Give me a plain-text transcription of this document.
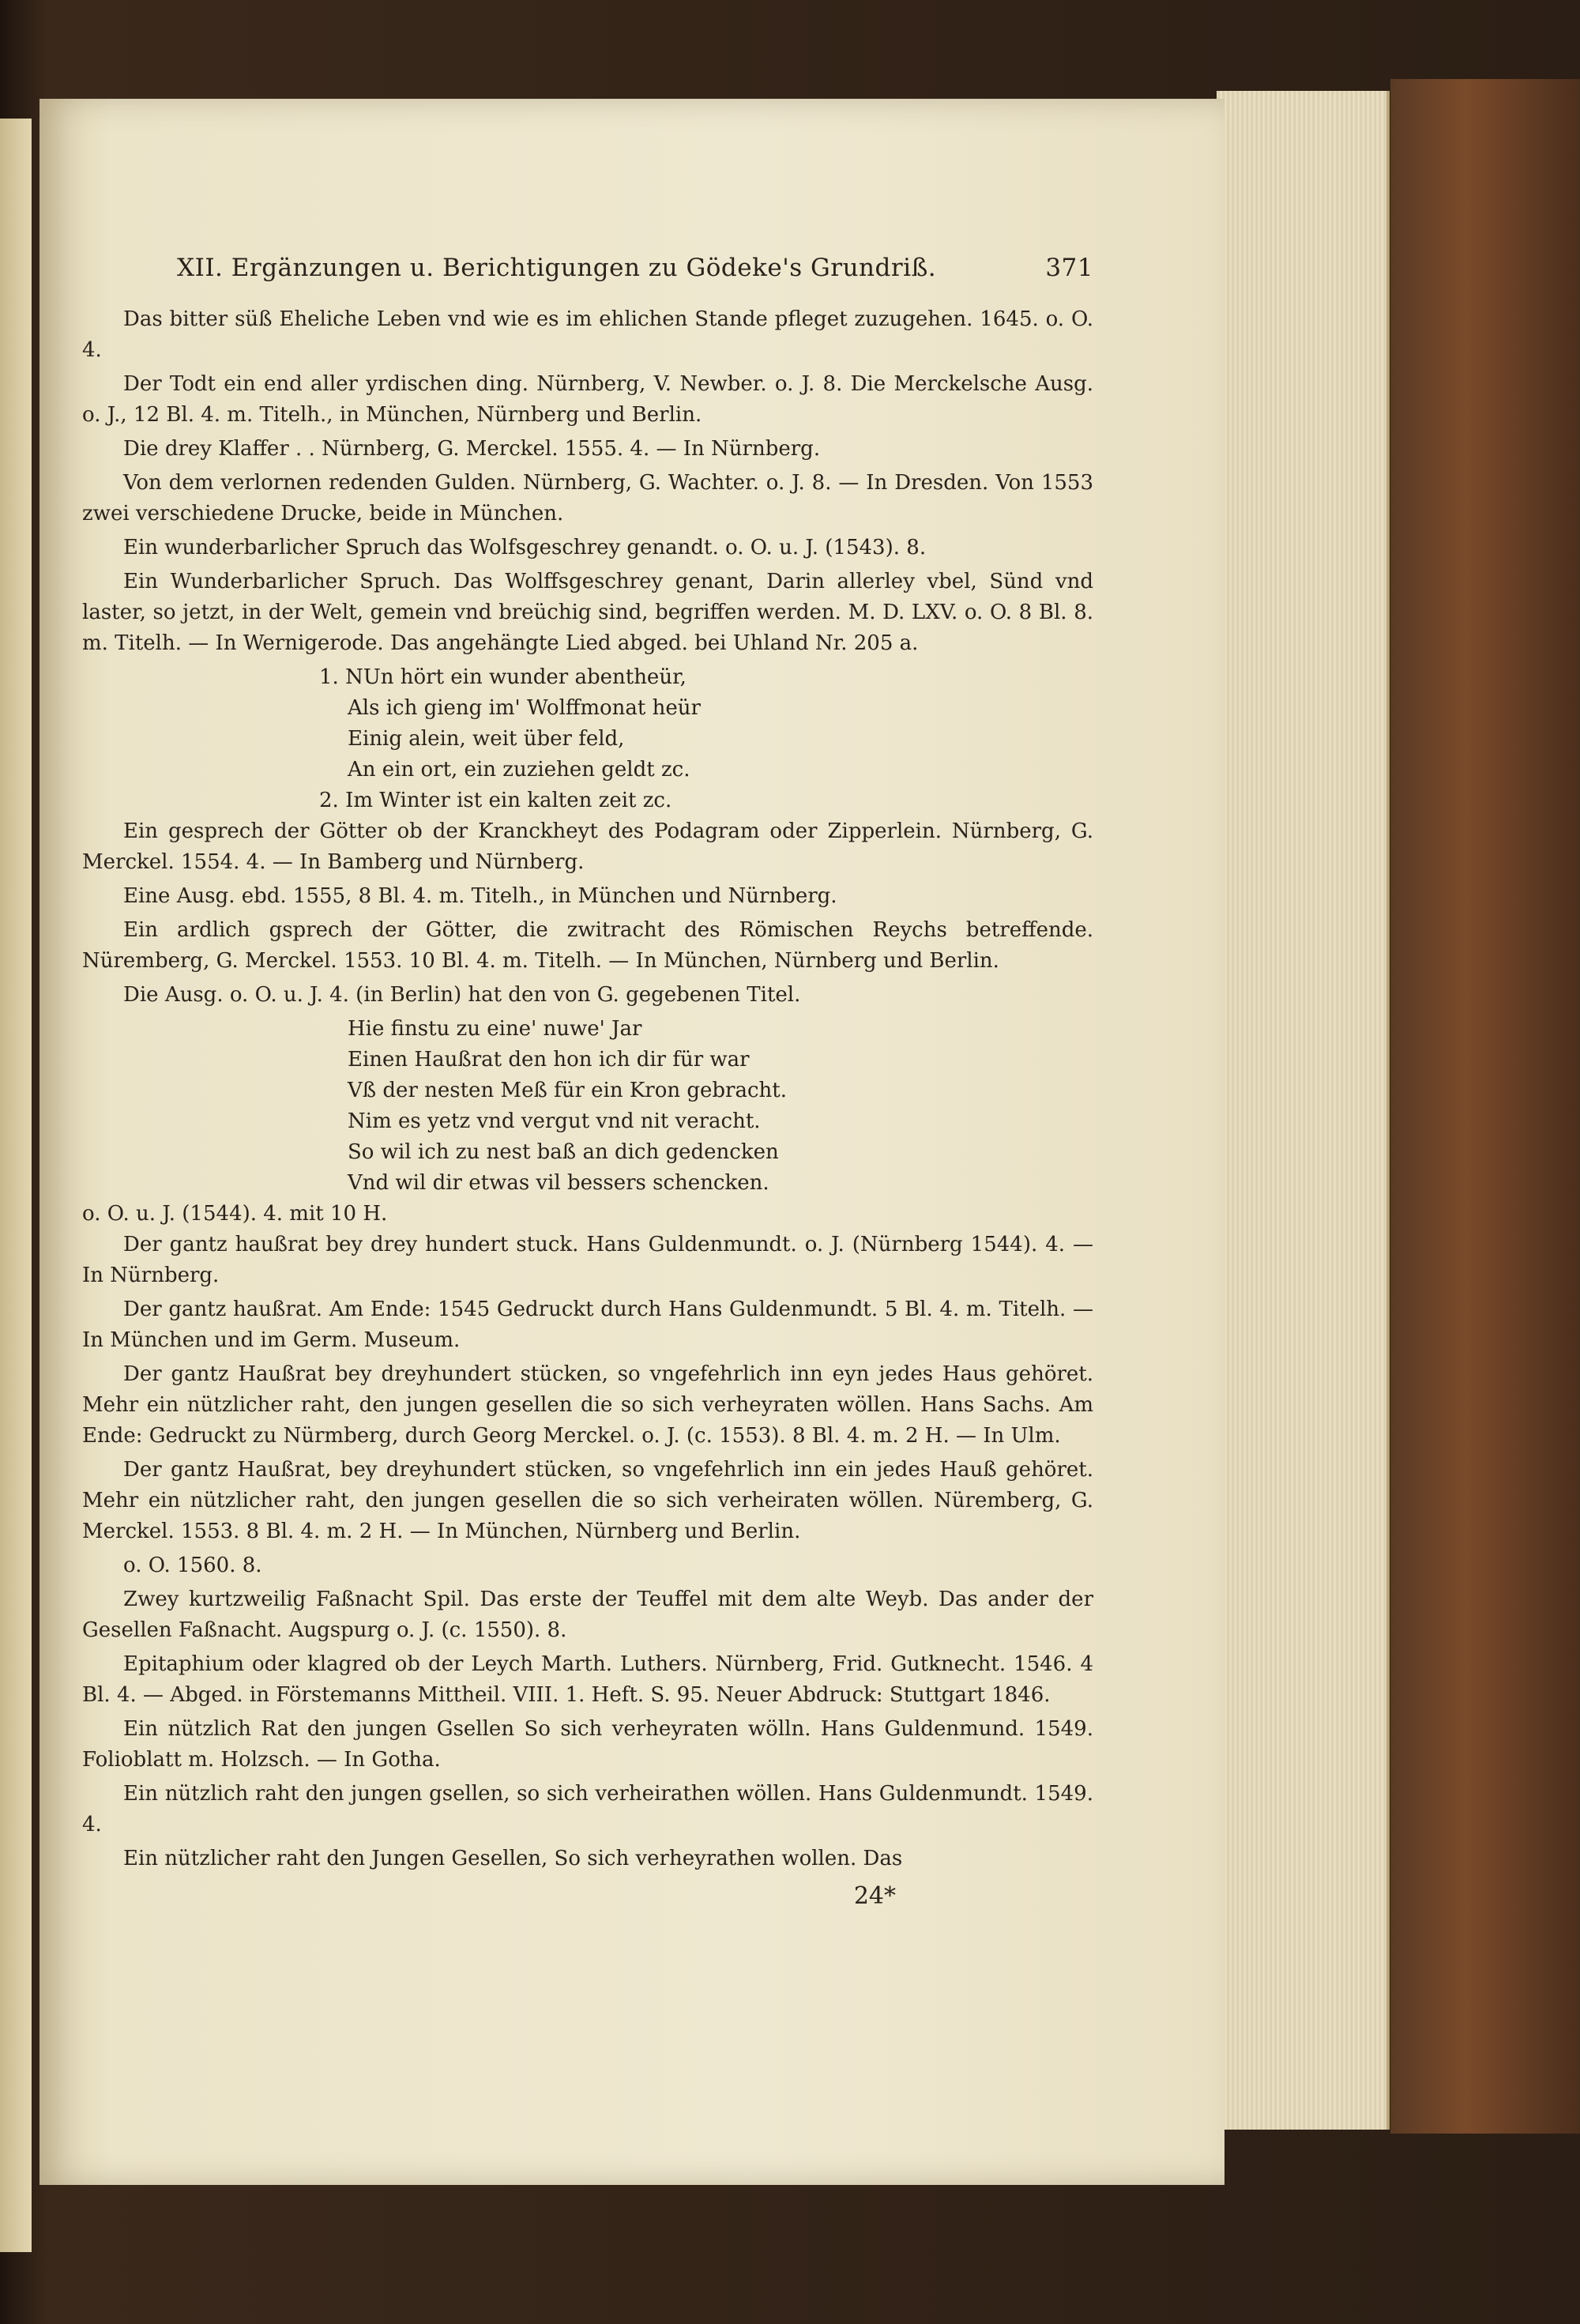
XII. Ergänzungen u. Berichtigungen zu Gödeke's Grundriß.	371

Das bitter süß Eheliche Leben vnd wie es im ehlichen Stande pfleget zuzugehen. 1645. o. O. 4.

Der Todt ein end aller yrdischen ding. Nürnberg, V. Newber. o. J. 8. Die Merckelsche Ausg. o. J., 12 Bl. 4. m. Titelh., in München, Nürnberg und Berlin.

Die drey Klaffer . . Nürnberg, G. Merckel. 1555. 4. — In Nürnberg.

Von dem verlornen redenden Gulden. Nürnberg, G. Wachter. o. J. 8. — In Dresden. Von 1553 zwei verschiedene Drucke, beide in München.

Ein wunderbarlicher Spruch das Wolfsgeschrey genandt. o. O. u. J. (1543). 8.

Ein Wunderbarlicher Spruch. Das Wolffsgeschrey genant, Darin allerley vbel, Sünd vnd laster, so jetzt, in der Welt, gemein vnd breüchig sind, begriffen werden. M. D. LXV. o. O. 8 Bl. 8. m. Titelh. — In Wernigerode. Das angehängte Lied abged. bei Uhland Nr. 205 a.

1. NUn hört ein wunder abentheür,

Als ich gieng im' Wolffmonat heür

Einig alein, weit über feld,

An ein ort, ein zuziehen geldt zc.

2. Im Winter ist ein kalten zeit zc.

Ein gesprech der Götter ob der Kranckheyt des Podagram oder Zipperlein. Nürnberg, G. Merckel. 1554. 4. — In Bamberg und Nürnberg.

Eine Ausg. ebd. 1555, 8 Bl. 4. m. Titelh., in München und Nürnberg.

Ein ardlich gsprech der Götter, die zwitracht des Römischen Reychs betreffende. Nüremberg, G. Merckel. 1553. 10 Bl. 4. m. Titelh. — In München, Nürnberg und Berlin.

Die Ausg. o. O. u. J. 4. (in Berlin) hat den von G. gegebenen Titel.

Hie finstu zu eine' nuwe' Jar

Einen Haußrat den hon ich dir für war

Vß der nesten Meß für ein Kron gebracht.

Nim es yetz vnd vergut vnd nit veracht.

So wil ich zu nest baß an dich gedencken

Vnd wil dir etwas vil bessers schencken.

o. O. u. J. (1544). 4. mit 10 H.

Der gantz haußrat bey drey hundert stuck. Hans Guldenmundt. o. J. (Nürnberg 1544). 4. — In Nürnberg.

Der gantz haußrat. Am Ende: 1545 Gedruckt durch Hans Guldenmundt. 5 Bl. 4. m. Titelh. — In München und im Germ. Museum.

Der gantz Haußrat bey dreyhundert stücken, so vngefehrlich inn eyn jedes Haus gehöret. Mehr ein nützlicher raht, den jungen gesellen die so sich verheyraten wöllen. Hans Sachs. Am Ende: Gedruckt zu Nürmberg, durch Georg Merckel. o. J. (c. 1553). 8 Bl. 4. m. 2 H. — In Ulm.

Der gantz Haußrat, bey dreyhundert stücken, so vngefehrlich inn ein jedes Hauß gehöret. Mehr ein nützlicher raht, den jungen gesellen die so sich verheiraten wöllen. Nüremberg, G. Merckel. 1553. 8 Bl. 4. m. 2 H. — In München, Nürnberg und Berlin.

o. O. 1560. 8.

Zwey kurtzweilig Faßnacht Spil. Das erste der Teuffel mit dem alte Weyb. Das ander der Gesellen Faßnacht. Augspurg o. J. (c. 1550). 8.

Epitaphium oder klagred ob der Leych Marth. Luthers. Nürnberg, Frid. Gutknecht. 1546. 4 Bl. 4. — Abged. in Förstemanns Mittheil. VIII. 1. Heft. S. 95. Neuer Abdruck: Stuttgart 1846.

Ein nützlich Rat den jungen Gsellen So sich verheyraten wölln. Hans Guldenmund. 1549. Folioblatt m. Holzsch. — In Gotha.

Ein nützlich raht den jungen gsellen, so sich verheirathen wöllen. Hans Guldenmundt. 1549. 4.

Ein nützlicher raht den Jungen Gesellen, So sich verheyrathen wollen. Das

24*
